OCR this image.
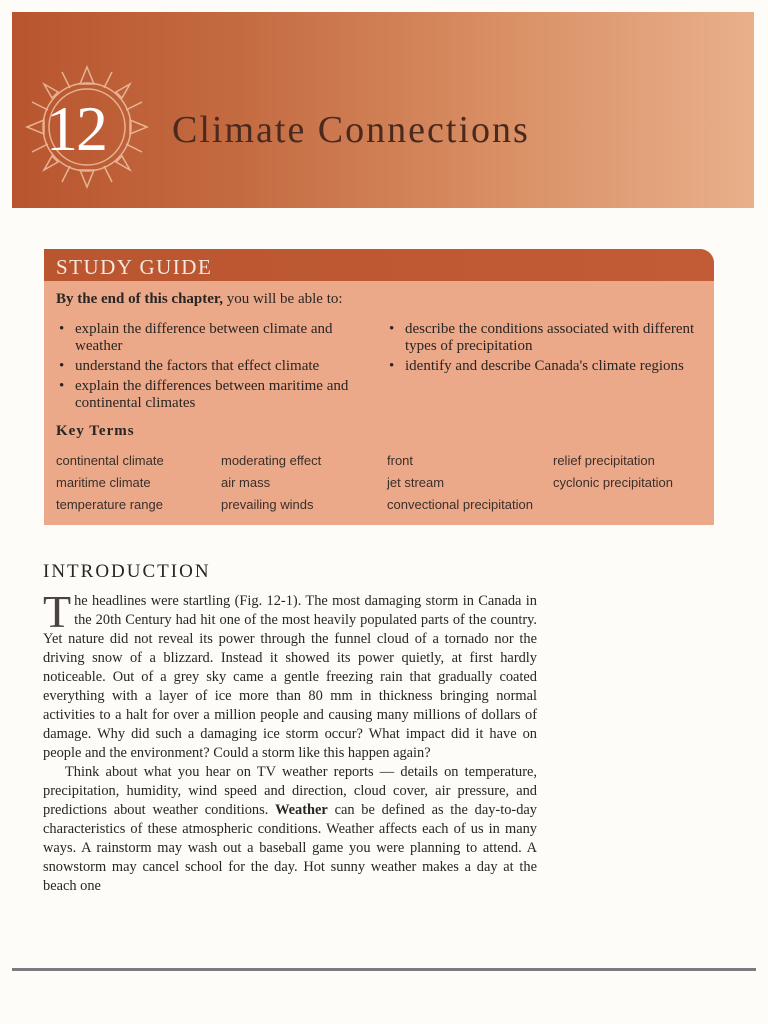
12 Climate Connections
STUDY GUIDE
By the end of this chapter, you will be able to:
• explain the difference between climate and weather
• understand the factors that effect climate
• explain the differences between maritime and continental climates
• describe the conditions associated with different types of precipitation
• identify and describe Canada's climate regions
Key Terms
continental climate	moderating effect	front	relief precipitation
maritime climate	air mass	jet stream	cyclonic precipitation
temperature range	prevailing winds	convectional precipitation
INTRODUCTION

The headlines were startling (Fig. 12-1). The most damaging storm in Canada in the 20th Century had hit one of the most heavily populated parts of the country. Yet nature did not reveal its power through the funnel cloud of a tornado nor the driving snow of a blizzard. Instead it showed its power quietly, at first hardly noticeable. Out of a grey sky came a gentle freezing rain that gradually coated everything with a layer of ice more than 80 mm in thickness bringing normal activities to a halt for over a million people and causing many millions of dollars of damage. Why did such a damaging ice storm occur? What impact did it have on people and the environment? Could a storm like this happen again?

Think about what you hear on TV weather reports — details on temperature, precipitation, humidity, wind speed and direction, cloud cover, air pressure, and predictions about weather conditions. Weather can be defined as the day-to-day characteristics of these atmospheric conditions. Weather affects each of us in many ways. A rainstorm may wash out a baseball game you were planning to attend. A snowstorm may cancel school for the day. Hot sunny weather makes a day at the beach one
